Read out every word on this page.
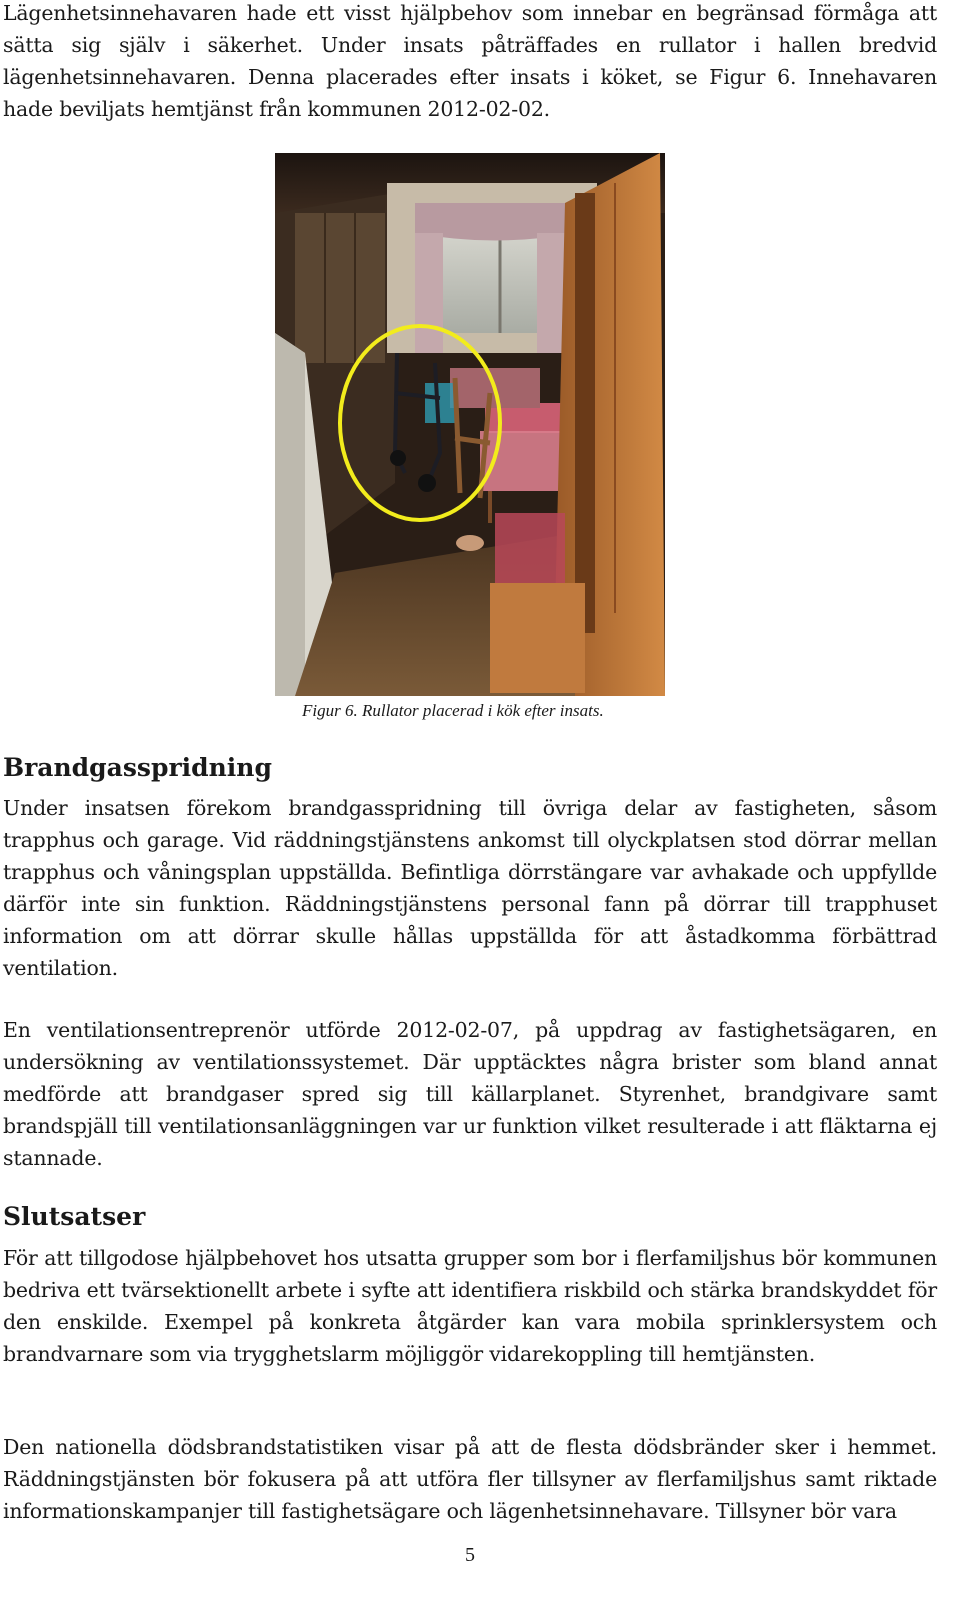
Lägenhetsinnehavaren hade ett visst hjälpbehov som innebar en begränsad förmåga att sätta sig själv i säkerhet. Under insats påträffades en rullator i hallen bredvid lägenhetsinnehavaren. Denna placerades efter insats i köket, se Figur 6. Innehavaren hade beviljats hemtjänst från kommunen 2012-02-02.

Figur 6. Rullator placerad i kök efter insats.
Brandgasspridning

Under insatsen förekom brandgasspridning till övriga delar av fastigheten, såsom trapphus och garage. Vid räddningstjänstens ankomst till olyckplatsen stod dörrar mellan trapphus och våningsplan uppställda. Befintliga dörrstängare var avhakade och uppfyllde därför inte sin funktion. Räddningstjänstens personal fann på dörrar till trapphuset information om att dörrar skulle hållas uppställda för att åstadkomma förbättrad ventilation.

En ventilationsentreprenör utförde 2012-02-07, på uppdrag av fastighetsägaren, en undersökning av ventilationssystemet. Där upptäcktes några brister som bland annat medförde att brandgaser spred sig till källarplanet. Styrenhet, brandgivare samt brandspjäll till ventilationsanläggningen var ur funktion vilket resulterade i att fläktarna ej stannade.

Slutsatser

För att tillgodose hjälpbehovet hos utsatta grupper som bor i flerfamiljshus bör kommunen bedriva ett tvärsektionellt arbete i syfte att identifiera riskbild och stärka brandskyddet för den enskilde. Exempel på konkreta åtgärder kan vara mobila sprinklersystem och brandvarnare som via trygghetslarm möjliggör vidarekoppling till hemtjänsten.

Den nationella dödsbrandstatistiken visar på att de flesta dödsbränder sker i hemmet. Räddningstjänsten bör fokusera på att utföra fler tillsyner av flerfamiljshus samt riktade informationskampanjer till fastighetsägare och lägenhetsinnehavare. Tillsyner bör vara

5
